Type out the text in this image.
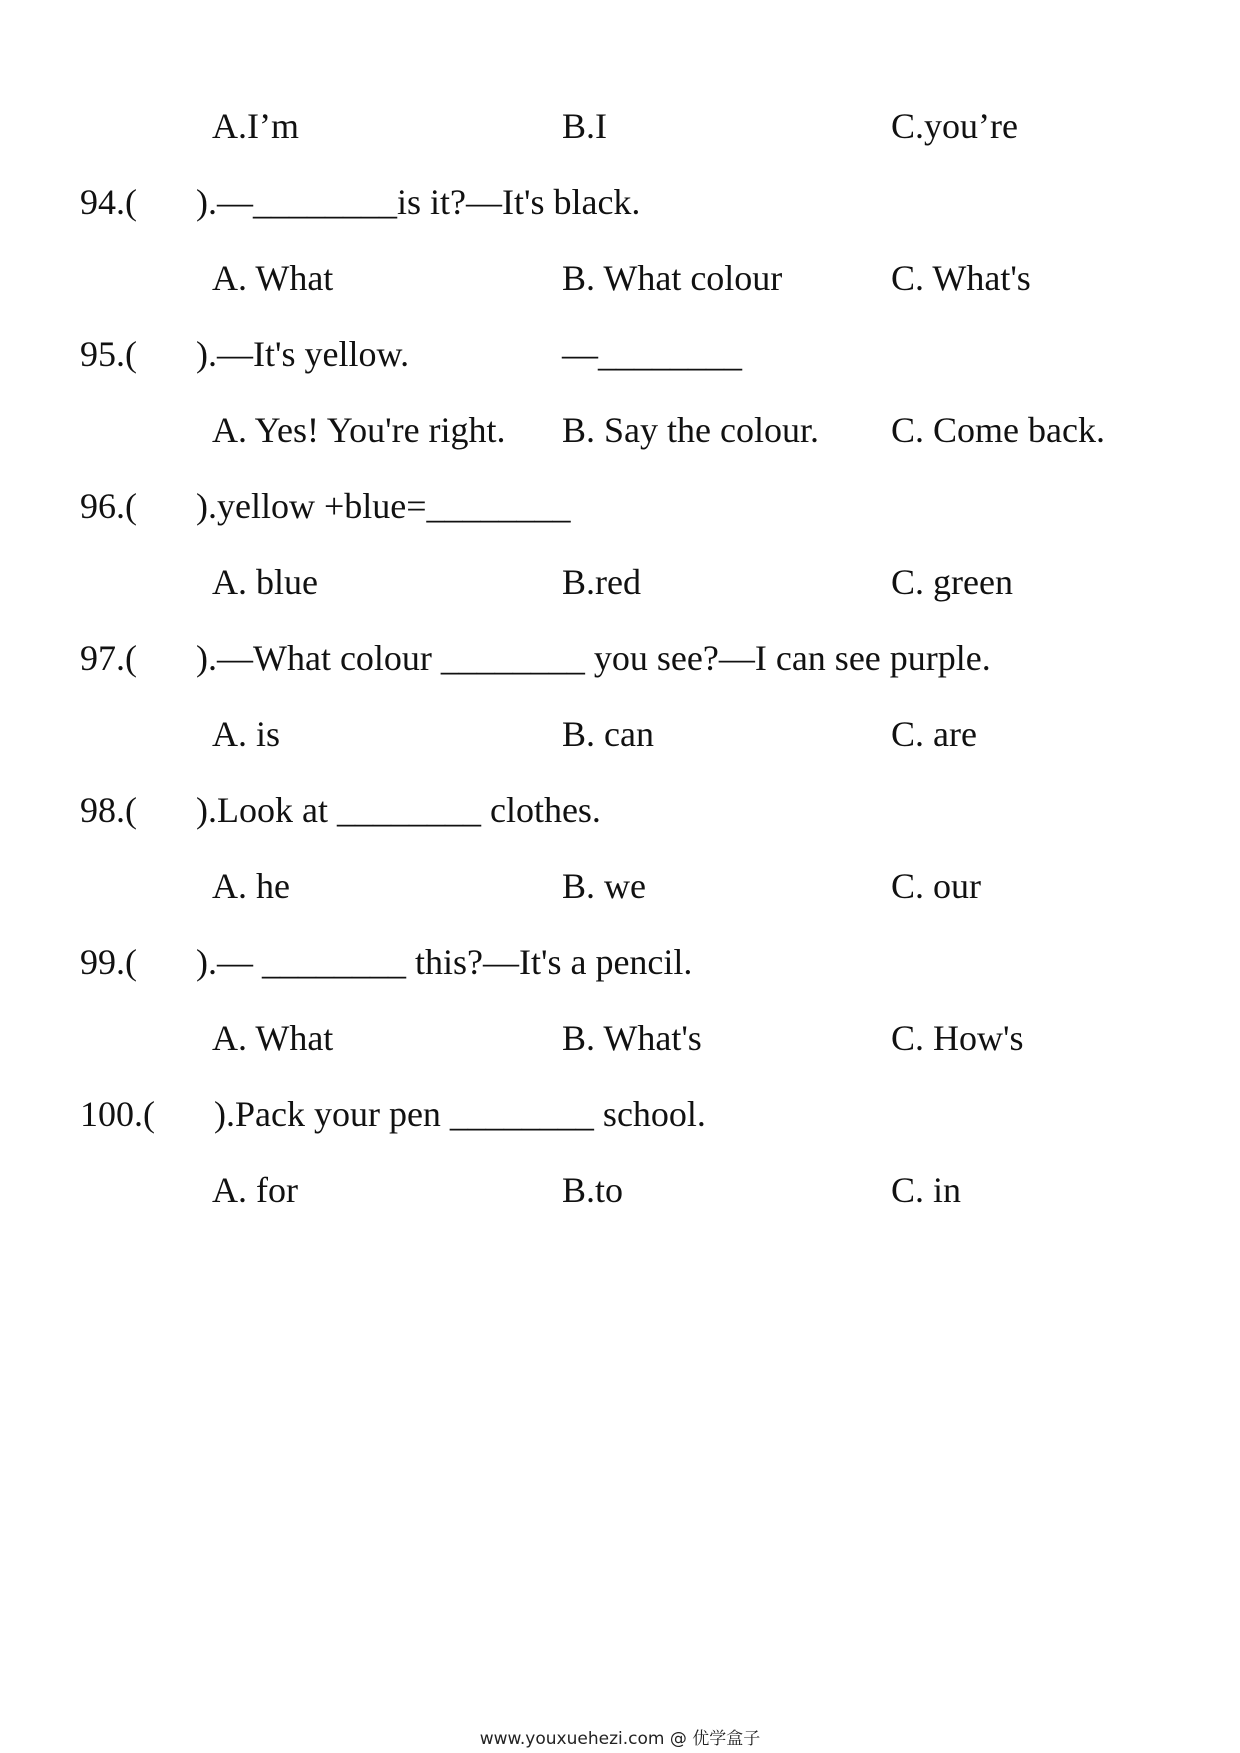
A.I’m	B.I	C.you’re
94.( ).—________is it?—It's black.
A. What	B. What colour	C. What's
95.( ).—It's yellow.	—________
A. Yes! You're right. B. Say the colour. C. Come back.
96.( ).yellow +blue=________
A. blue	B.red	C. green
97.( ).—What colour ________ you see?—I can see purple.
A. is	B. can	C. are
98.( ).Look at ________ clothes.
A. he	B. we	C. our
99.( ).— ________ this?—It's a pencil.
A. What	B. What's	C. How's
100.( ).Pack your pen ________ school.
A. for	B.to	C. in
www.youxuehezi.com @ 优学盒子
